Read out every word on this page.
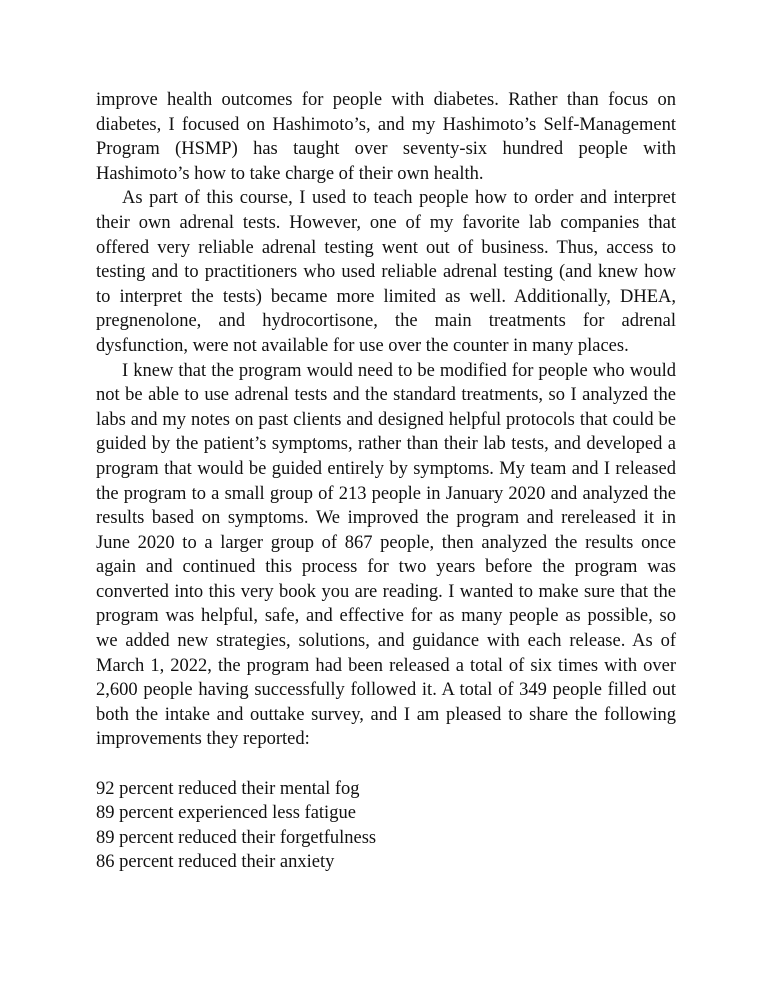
improve health outcomes for people with diabetes. Rather than focus on diabetes, I focused on Hashimoto’s, and my Hashimoto’s Self-Management Program (HSMP) has taught over seventy-six hundred people with Hashimoto’s how to take charge of their own health.

As part of this course, I used to teach people how to order and interpret their own adrenal tests. However, one of my favorite lab companies that offered very reliable adrenal testing went out of business. Thus, access to testing and to practitioners who used reliable adrenal testing (and knew how to interpret the tests) became more limited as well. Additionally, DHEA, pregnenolone, and hydrocortisone, the main treatments for adrenal dysfunction, were not available for use over the counter in many places.

I knew that the program would need to be modified for people who would not be able to use adrenal tests and the standard treatments, so I analyzed the labs and my notes on past clients and designed helpful protocols that could be guided by the patient’s symptoms, rather than their lab tests, and developed a program that would be guided entirely by symptoms. My team and I released the program to a small group of 213 people in January 2020 and analyzed the results based on symptoms. We improved the program and rereleased it in June 2020 to a larger group of 867 people, then analyzed the results once again and continued this process for two years before the program was converted into this very book you are reading. I wanted to make sure that the program was helpful, safe, and effective for as many people as possible, so we added new strategies, solutions, and guidance with each release. As of March 1, 2022, the program had been released a total of six times with over 2,600 people having successfully followed it. A total of 349 people filled out both the intake and outtake survey, and I am pleased to share the following improvements they reported:

92 percent reduced their mental fog
89 percent experienced less fatigue
89 percent reduced their forgetfulness
86 percent reduced their anxiety
